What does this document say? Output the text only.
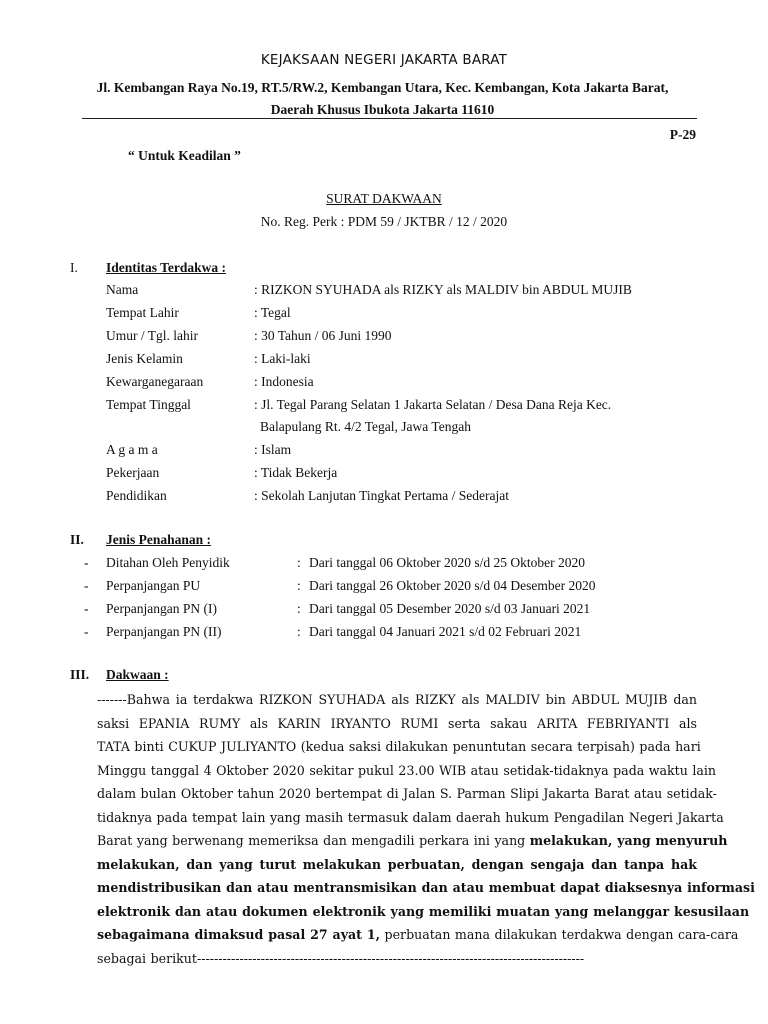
KEJAKSAAN NEGERI JAKARTA BARAT
Jl. Kembangan Raya No.19, RT.5/RW.2, Kembangan Utara, Kec. Kembangan, Kota Jakarta Barat, Daerah Khusus Ibukota Jakarta 11610
P-29
“ Untuk Keadilan ”
SURAT DAKWAAN
No. Reg. Perk : PDM 59 / JKTBR / 12 / 2020
I. Identitas Terdakwa :
Nama	: RIZKON SYUHADA als RIZKY als MALDIV bin ABDUL MUJIB
Tempat Lahir	: Tegal
Umur / Tgl. lahir	: 30 Tahun / 06 Juni 1990
Jenis Kelamin	: Laki-laki
Kewarganegaraan	: Indonesia
Tempat Tinggal	: Jl. Tegal Parang Selatan 1 Jakarta Selatan / Desa Dana Reja Kec.
Balapulang Rt. 4/2 Tegal, Jawa Tengah
A g a m a	: Islam
Pekerjaan	: Tidak Bekerja
Pendidikan	: Sekolah Lanjutan Tingkat Pertama / Sederajat
II. Jenis Penahanan :
- Ditahan Oleh Penyidik	: Dari tanggal 06 Oktober 2020 s/d 25 Oktober 2020
- Perpanjangan PU	: Dari tanggal 26 Oktober 2020 s/d 04 Desember 2020
- Perpanjangan PN (I)	: Dari tanggal 05 Desember 2020 s/d 03 Januari 2021
- Perpanjangan PN (II)	: Dari tanggal 04 Januari 2021 s/d 02 Februari 2021
III. Dakwaan :
-------Bahwa ia terdakwa RIZKON SYUHADA als RIZKY als MALDIV bin ABDUL MUJIB dan
saksi EPANIA RUMY als KARIN IRYANTO RUMI serta sakau ARITA FEBRIYANTI als
TATA binti CUKUP JULIYANTO (kedua saksi dilakukan penuntutan secara terpisah) pada hari
Minggu tanggal 4 Oktober 2020 sekitar pukul 23.00 WIB atau setidak-tidaknya pada waktu lain
dalam bulan Oktober tahun 2020 bertempat di Jalan S. Parman Slipi Jakarta Barat atau setidak-
tidaknya pada tempat lain yang masih termasuk dalam daerah hukum Pengadilan Negeri Jakarta
Barat yang berwenang memeriksa dan mengadili perkara ini yang melakukan, yang menyuruh
melakukan, dan yang turut melakukan perbuatan, dengan sengaja dan tanpa hak
mendistribusikan dan atau mentransmisikan dan atau membuat dapat diaksesnya informasi
elektronik dan atau dokumen elektronik yang memiliki muatan yang melanggar kesusilaan
sebagaimana dimaksud pasal 27 ayat 1, perbuatan mana dilakukan terdakwa dengan cara-cara
sebagai berikut-------------------------------------------------------------------------------------------
